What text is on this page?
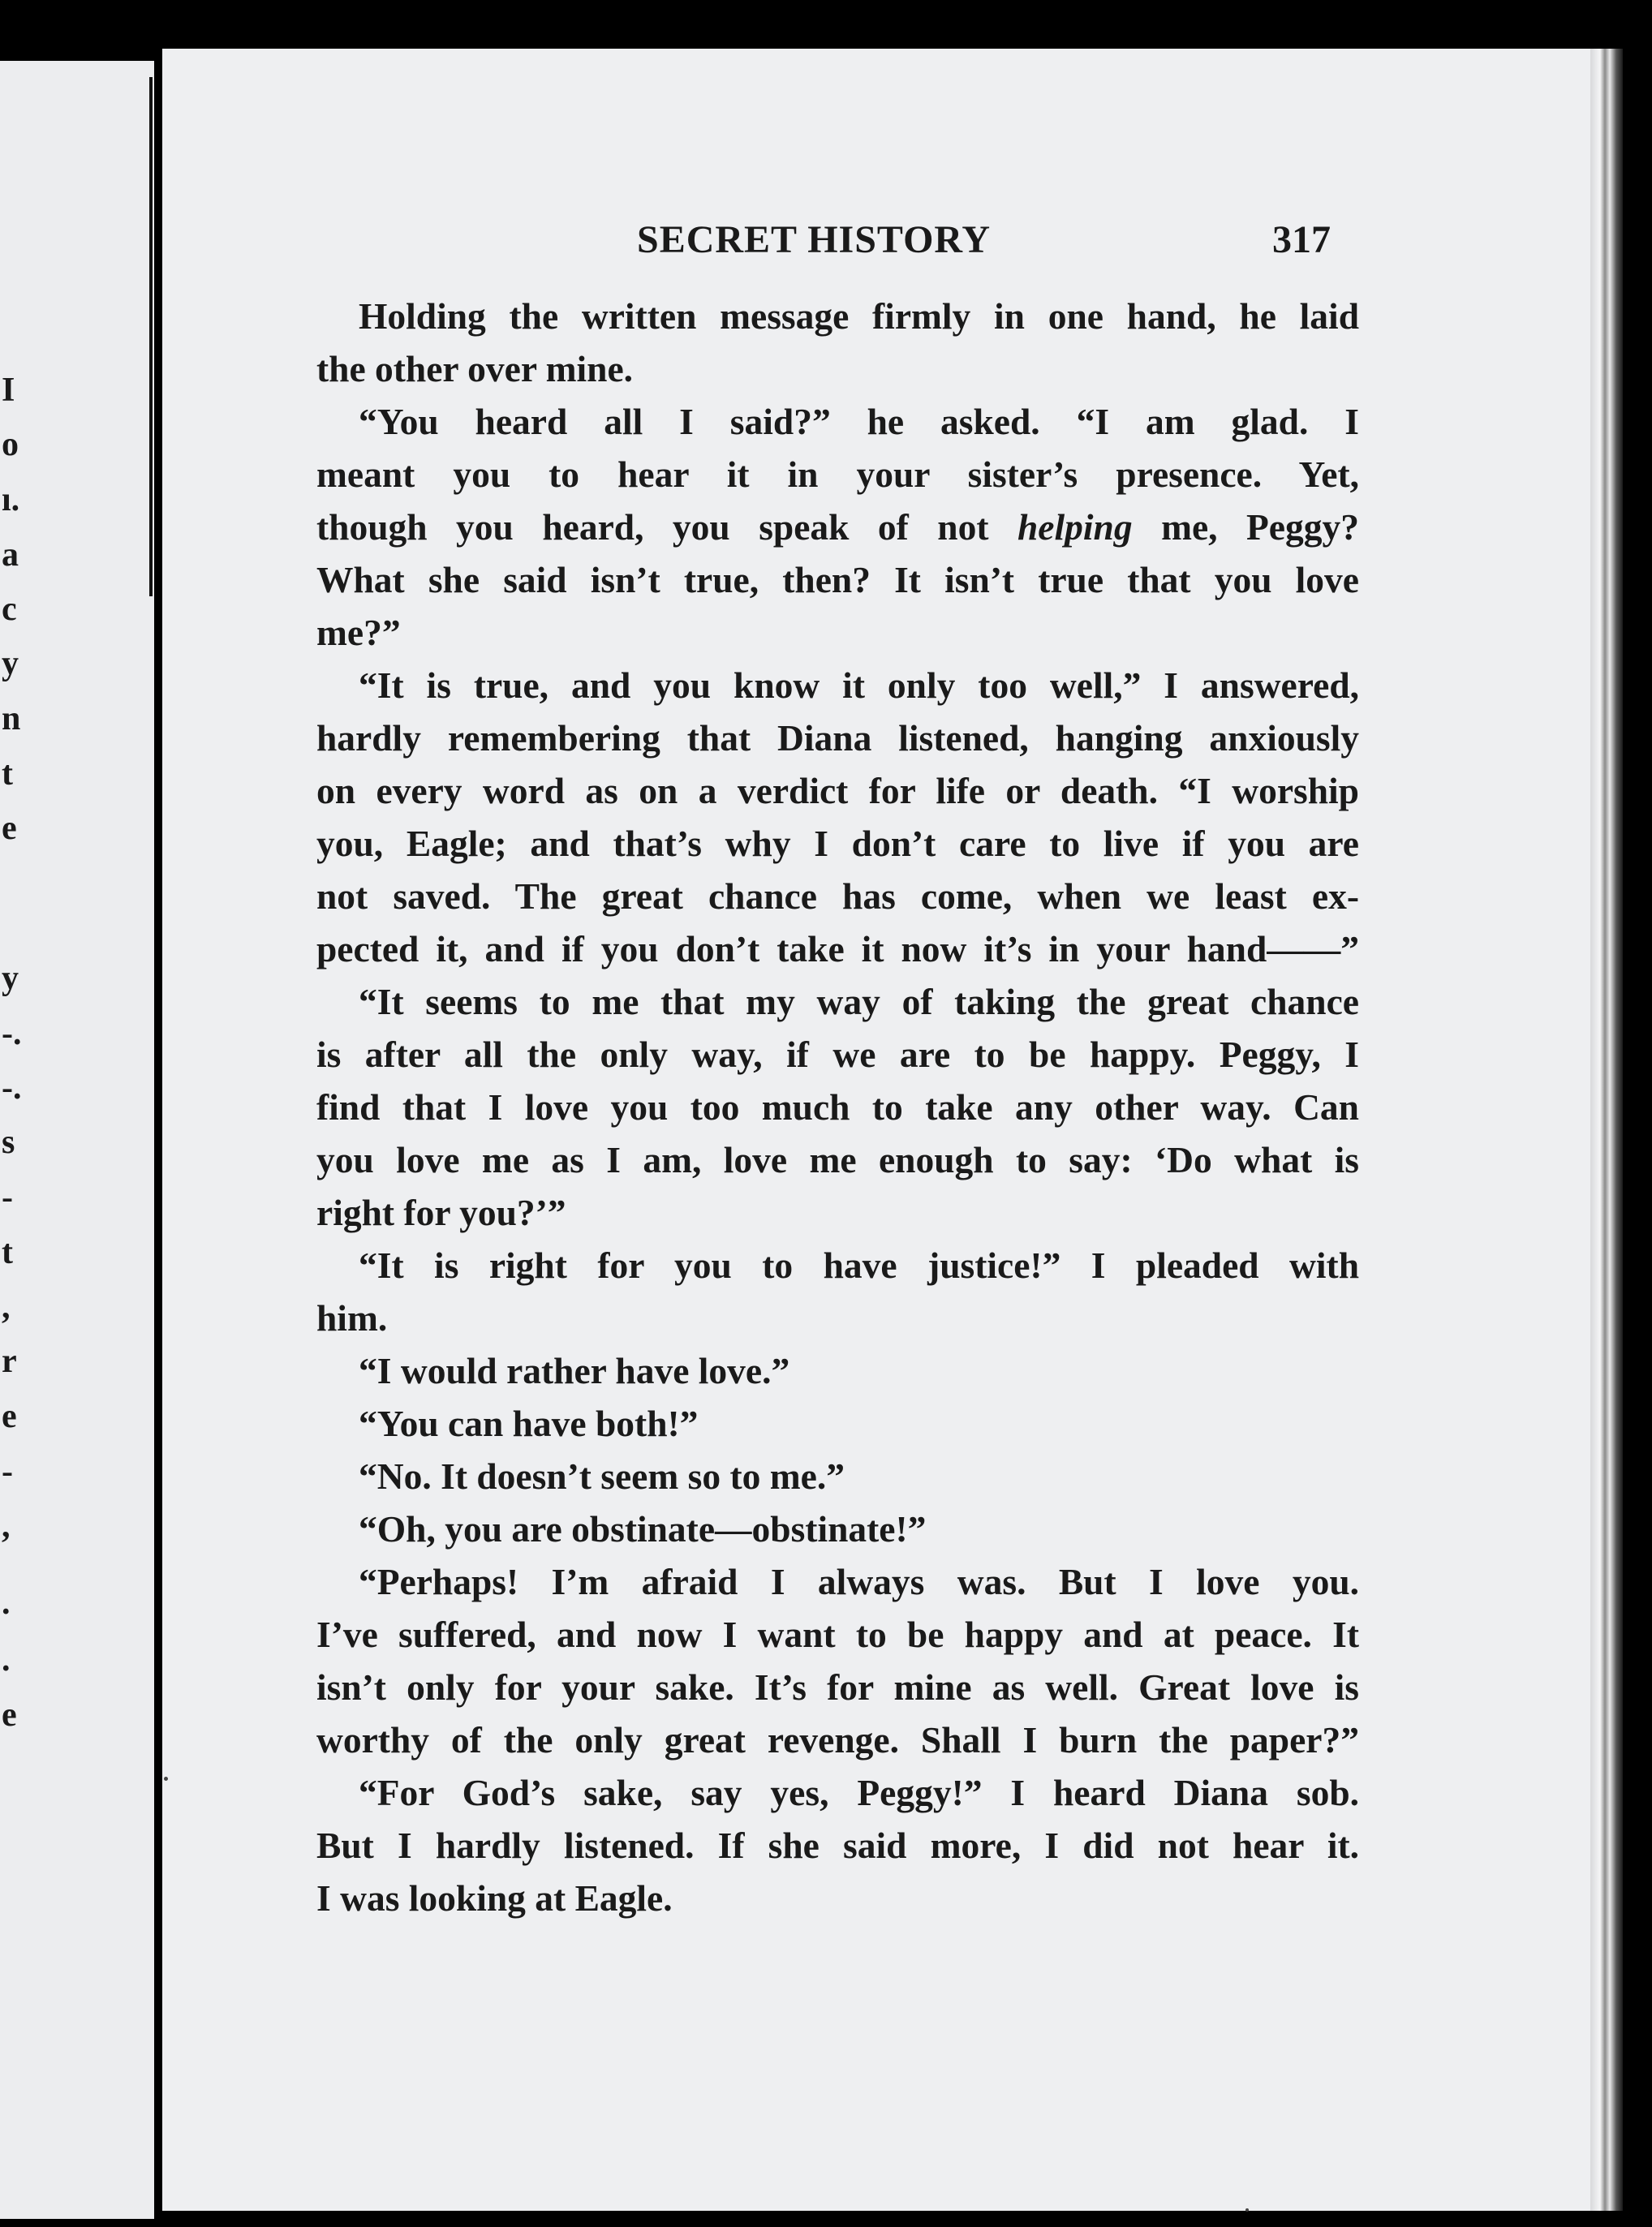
I
o
ı.
a
c
y
n
t
e
y
-.
-.
s
-
t
,
r
e
-
,
.
.
e
SECRET HISTORY	317
Holding the written message firmly in one hand, he laid
the other over mine.
“You heard all I said?” he asked. “I am glad. I
meant you to hear it in your sister’s presence. Yet,
though you heard, you speak of not helping me, Peggy?
What she said isn’t true, then? It isn’t true that you love
me?”
“It is true, and you know it only too well,” I answered,
hardly remembering that Diana listened, hanging anxiously
on every word as on a verdict for life or death. “I worship
you, Eagle; and that’s why I don’t care to live if you are
not saved. The great chance has come, when we least ex-
pected it, and if you don’t take it now it’s in your hand——”
“It seems to me that my way of taking the great chance
is after all the only way, if we are to be happy. Peggy, I
find that I love you too much to take any other way. Can
you love me as I am, love me enough to say: ‘Do what is
right for you?’”
“It is right for you to have justice!” I pleaded with
him.
“I would rather have love.”
“You can have both!”
“No. It doesn’t seem so to me.”
“Oh, you are obstinate—obstinate!”
“Perhaps! I’m afraid I always was. But I love you.
I’ve suffered, and now I want to be happy and at peace. It
isn’t only for your sake. It’s for mine as well. Great love is
worthy of the only great revenge. Shall I burn the paper?”
“For God’s sake, say yes, Peggy!” I heard Diana sob.
But I hardly listened. If she said more, I did not hear it.
I was looking at Eagle.
